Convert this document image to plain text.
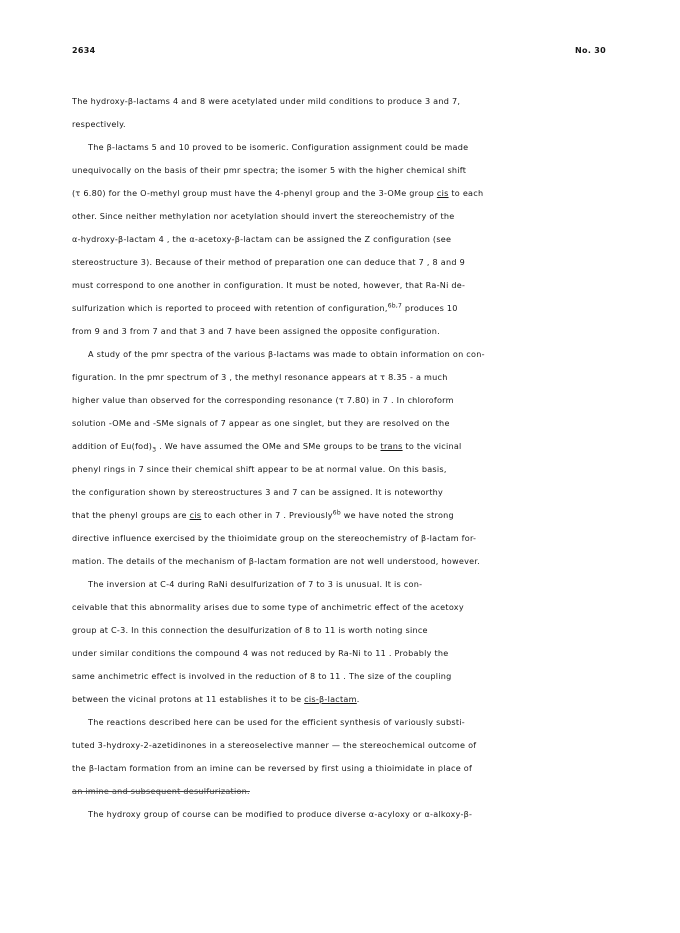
2634	No. 30
The hydroxy-β-lactams 4 and 8 were acetylated under mild conditions to produce 3 and 7,
respectively.
The β-lactams 5 and 10 proved to be isomeric. Configuration assignment could be made
unequivocally on the basis of their pmr spectra; the isomer 5 with the higher chemical shift
(τ 6.80) for the O-methyl group must have the 4-phenyl group and the 3-OMe group cis to each
other. Since neither methylation nor acetylation should invert the stereochemistry of the
α-hydroxy-β-lactam 4 , the α-acetoxy-β-lactam can be assigned the Z configuration (see
stereostructure 3). Because of their method of preparation one can deduce that 7 , 8 and 9
must correspond to one another in configuration. It must be noted, however, that Ra-Ni de-
sulfurization which is reported to proceed with retention of configuration,$^{6b,7}$ produces 10
from 9 and 3 from 7 and that 3 and 7 have been assigned the opposite configuration.
A study of the pmr spectra of the various β-lactams was made to obtain information on con-
figuration. In the pmr spectrum of 3 , the methyl resonance appears at τ 8.35 - a much
higher value than observed for the corresponding resonance (τ 7.80) in 7 . In chloroform
solution -OMe and -SMe signals of 7 appear as one singlet, but they are resolved on the
addition of $Eu(fod)_3$ . We have assumed the OMe and SMe groups to be trans to the vicinal
phenyl rings in 7 since their chemical shift appear to be at normal value. On this basis,
the configuration shown by stereostructures 3 and 7 can be assigned. It is noteworthy
that the phenyl groups are cis to each other in 7 . Previously$^{6b}$ we have noted the strong
directive influence exercised by the thioimidate group on the stereochemistry of β-lactam for-
mation. The details of the mechanism of β-lactam formation are not well understood, however.
The inversion at C-4 during RaNi desulfurization of 7 to 3 is unusual. It is con-
ceivable that this abnormality arises due to some type of anchimetric effect of the acetoxy
group at C-3. In this connection the desulfurization of 8 to 11 is worth noting since
under similar conditions the compound 4 was not reduced by Ra-Ni to 11 . Probably the
same anchimetric effect is involved in the reduction of 8 to 11 . The size of the coupling
between the vicinal protons at 11 establishes it to be cis-β-lactam.
The reactions described here can be used for the efficient synthesis of variously substi-
tuted 3-hydroxy-2-azetidinones in a stereoselective manner — the stereochemical outcome of
the β-lactam formation from an imine can be reversed by first using a thioimidate in place of
an imine and subsequent desulfurization.
The hydroxy group of course can be modified to produce diverse α-acyloxy or α-alkoxy-β-
